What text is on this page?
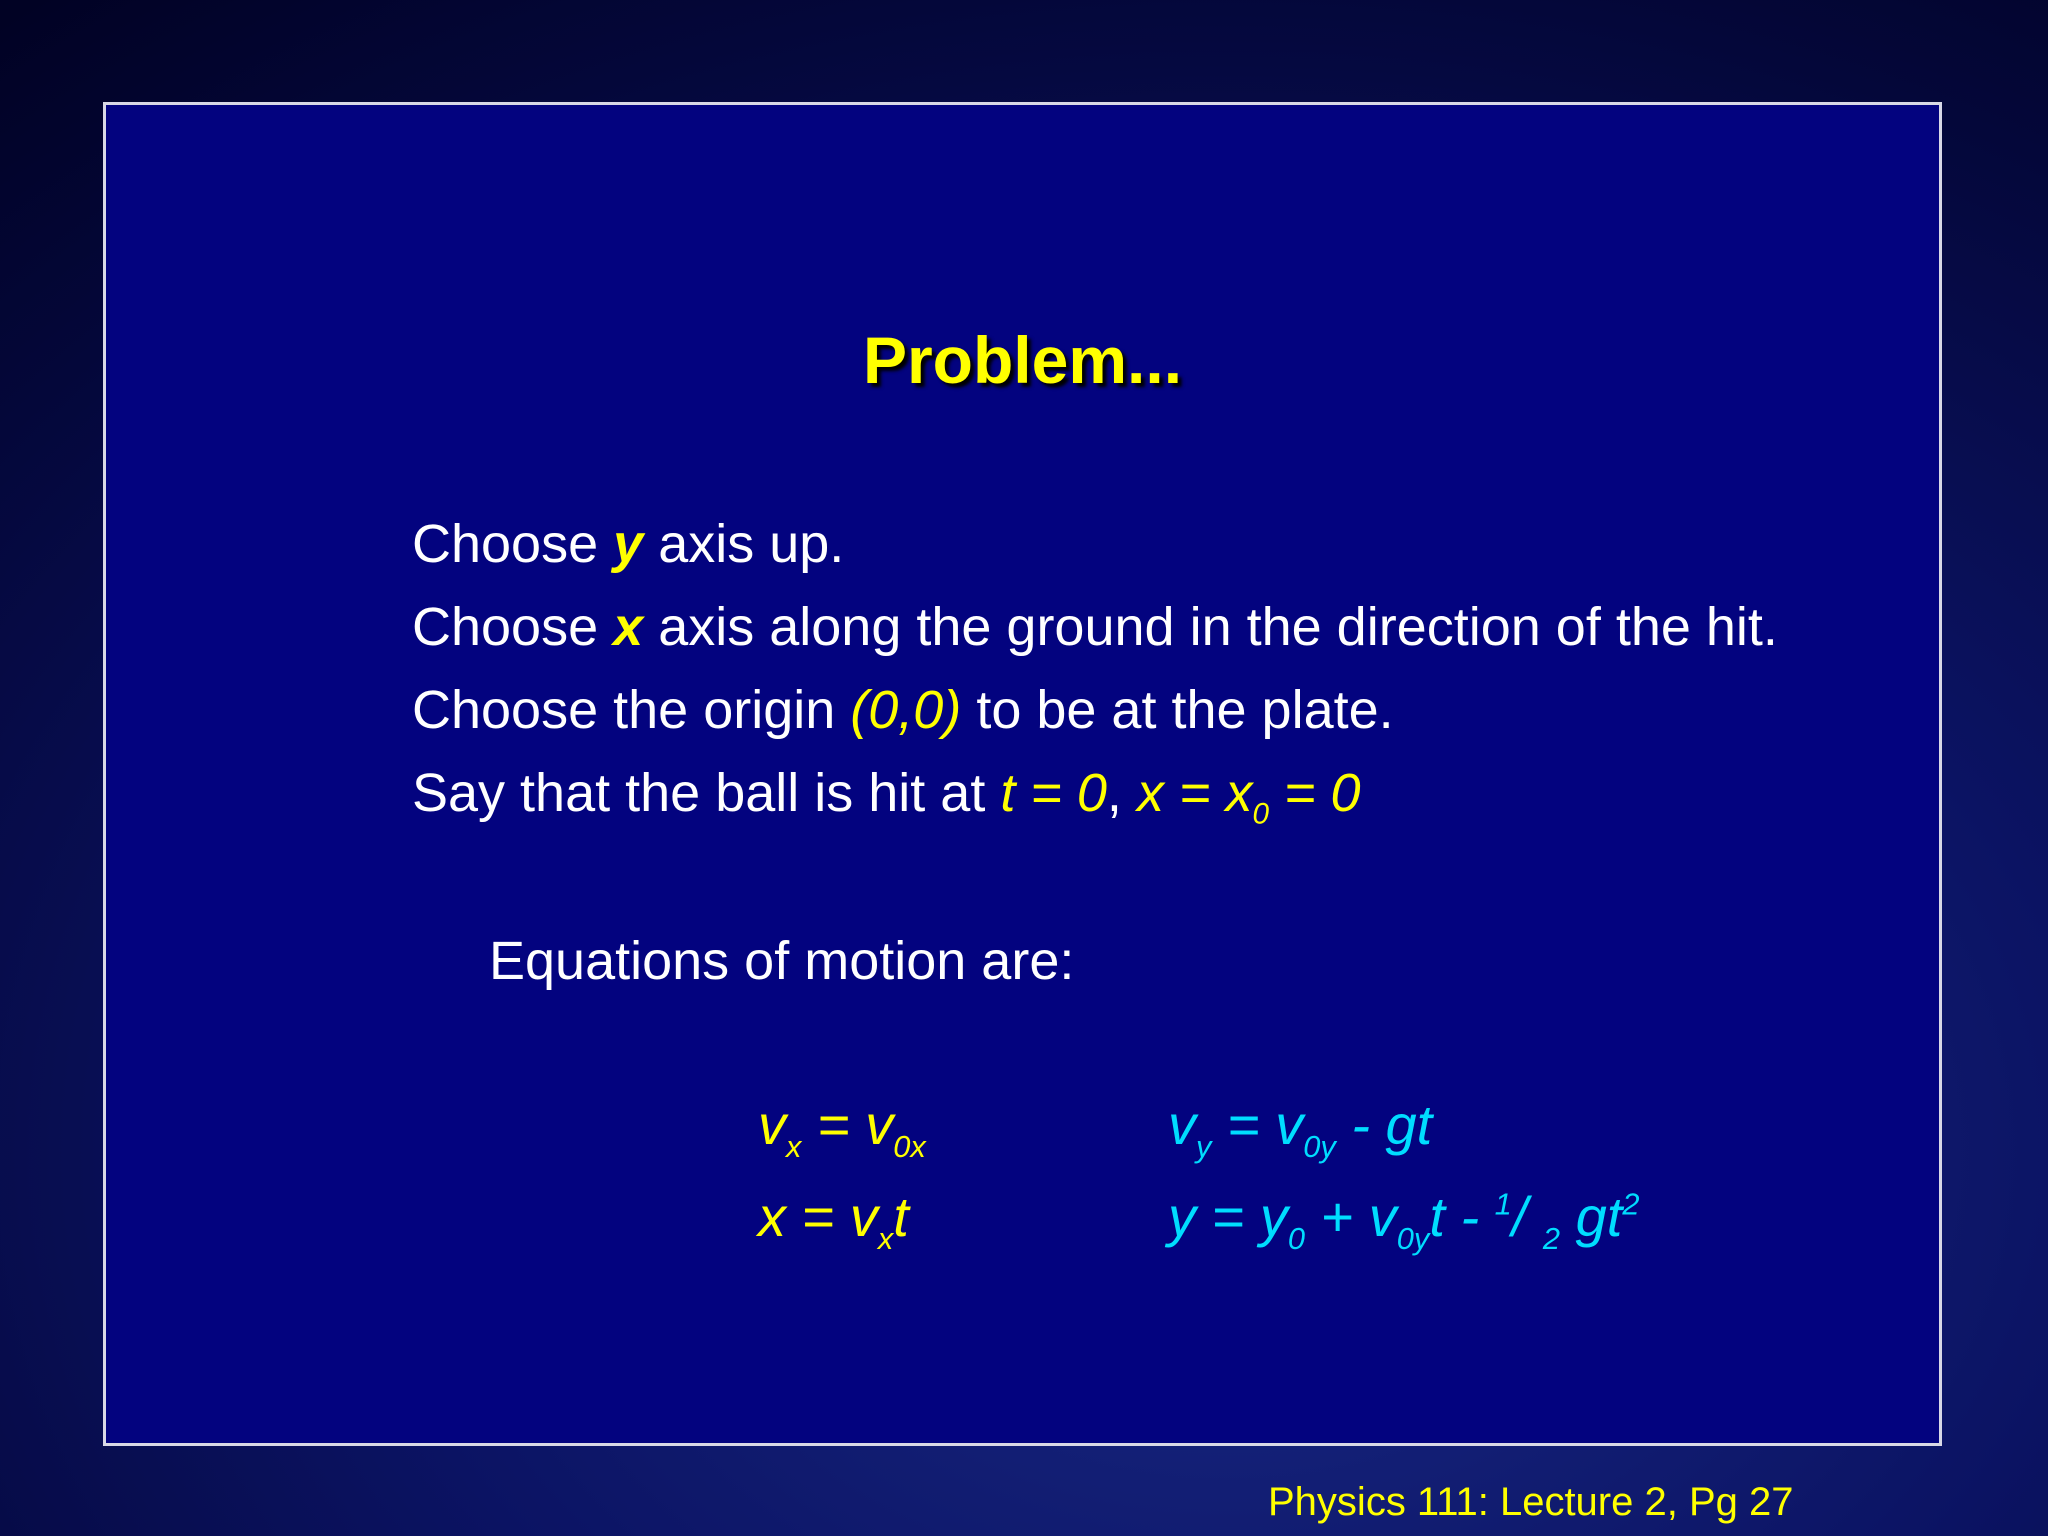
Problem...
Choose y axis up.
Choose x axis along the ground in the direction of the hit.
Choose the origin (0,0) to be at the plate.
Say that the ball is hit at t = 0, $x = x_0 = 0$
Equations of motion are:
$v_x = v_{0x}$
$x = v_xt$
$v_y = v_{0y}$ - gt
$y = y_0 + v_{0y}t - ^1/$ $_2$ $gt^2$
Physics 111: Lecture 2, Pg 27
